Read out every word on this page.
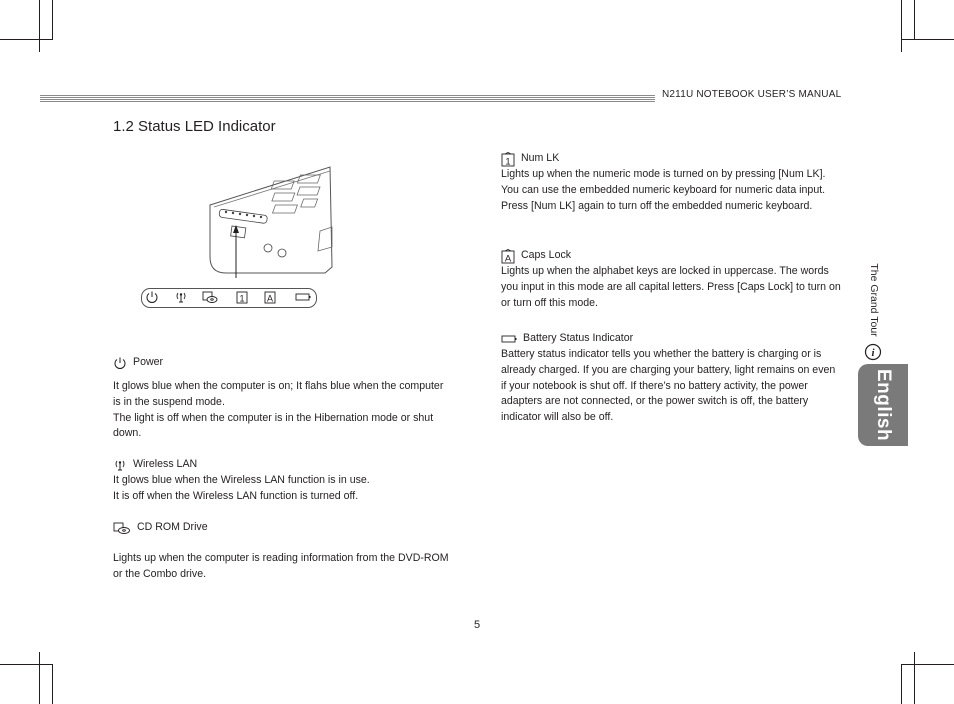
N211U NOTEBOOK USER’S MANUAL
1.2 Status LED Indicator
1 A
Power

It glows blue when the computer is on; It flahs blue when the computer is in the suspend mode.

The light is off when the computer is in the Hibernation mode or shut down.

Wireless LAN

It glows blue when the Wireless LAN function is in use.

It is off when the Wireless LAN function is turned off.

CD ROM Drive

Lights up when the computer is reading information from the DVD-ROM or the Combo drive.

1 Num LK

Lights up when the numeric mode is turned on by pressing [Num LK]. You can use the embedded numeric keyboard for numeric data input. Press [Num LK] again to turn off the embedded numeric keyboard.

A Caps Lock

Lights up when the alphabet keys are locked in uppercase. The words you input in this mode are all capital letters. Press [Caps Lock] to turn on or turn off this mode.

Battery Status Indicator

Battery status indicator tells you whether the battery is charging or is already charged. If you are charging your battery, light remains on even if your notebook is shut off. If there’s no battery activity, the power adapters are not connected, or the power switch is off, the battery indicator will also be off.

The Grand Tour
i
English
5
